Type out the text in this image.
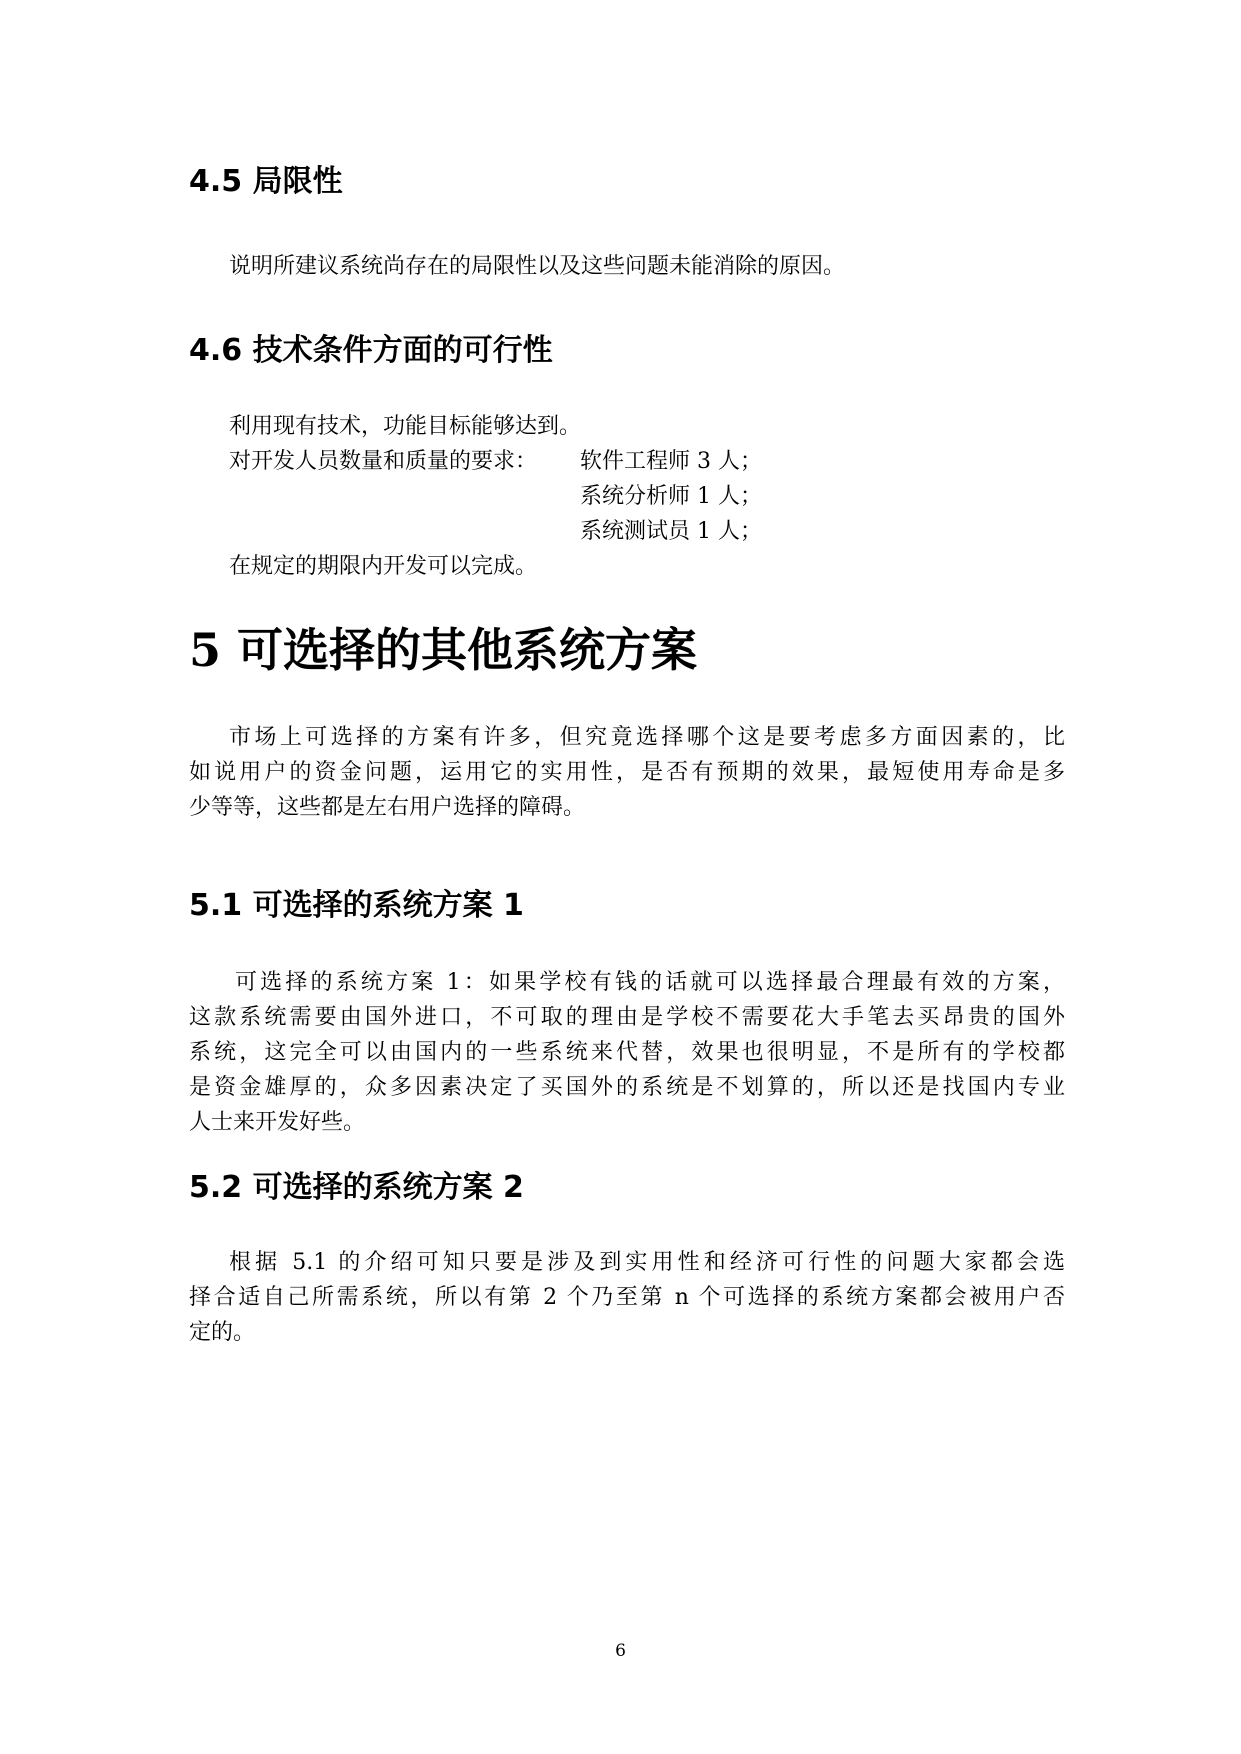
4.5 局限性

说明所建议系统尚存在的局限性以及这些问题未能消除的原因。

4.6 技术条件方面的可行性

利用现有技术，功能目标能够达到。

对开发人员数量和质量的要求： 软件工程师 3 人；

系统分析师 1 人；

系统测试员 1 人；

在规定的期限内开发可以完成。

5 可选择的其他系统方案
市场上可选择的方案有许多，但究竟选择哪个这是要考虑多方面因素的，比
如说用户的资金问题，运用它的实用性，是否有预期的效果，最短使用寿命是多
少等等，这些都是左右用户选择的障碍。
5.1 可选择的系统方案 1
可选择的系统方案 1：如果学校有钱的话就可以选择最合理最有效的方案，
这款系统需要由国外进口，不可取的理由是学校不需要花大手笔去买昂贵的国外
系统，这完全可以由国内的一些系统来代替，效果也很明显，不是所有的学校都
是资金雄厚的，众多因素决定了买国外的系统是不划算的，所以还是找国内专业
人士来开发好些。
5.2 可选择的系统方案 2
根据 5.1 的介绍可知只要是涉及到实用性和经济可行性的问题大家都会选
择合适自己所需系统，所以有第 2 个乃至第 n 个可选择的系统方案都会被用户否
定的。
6
